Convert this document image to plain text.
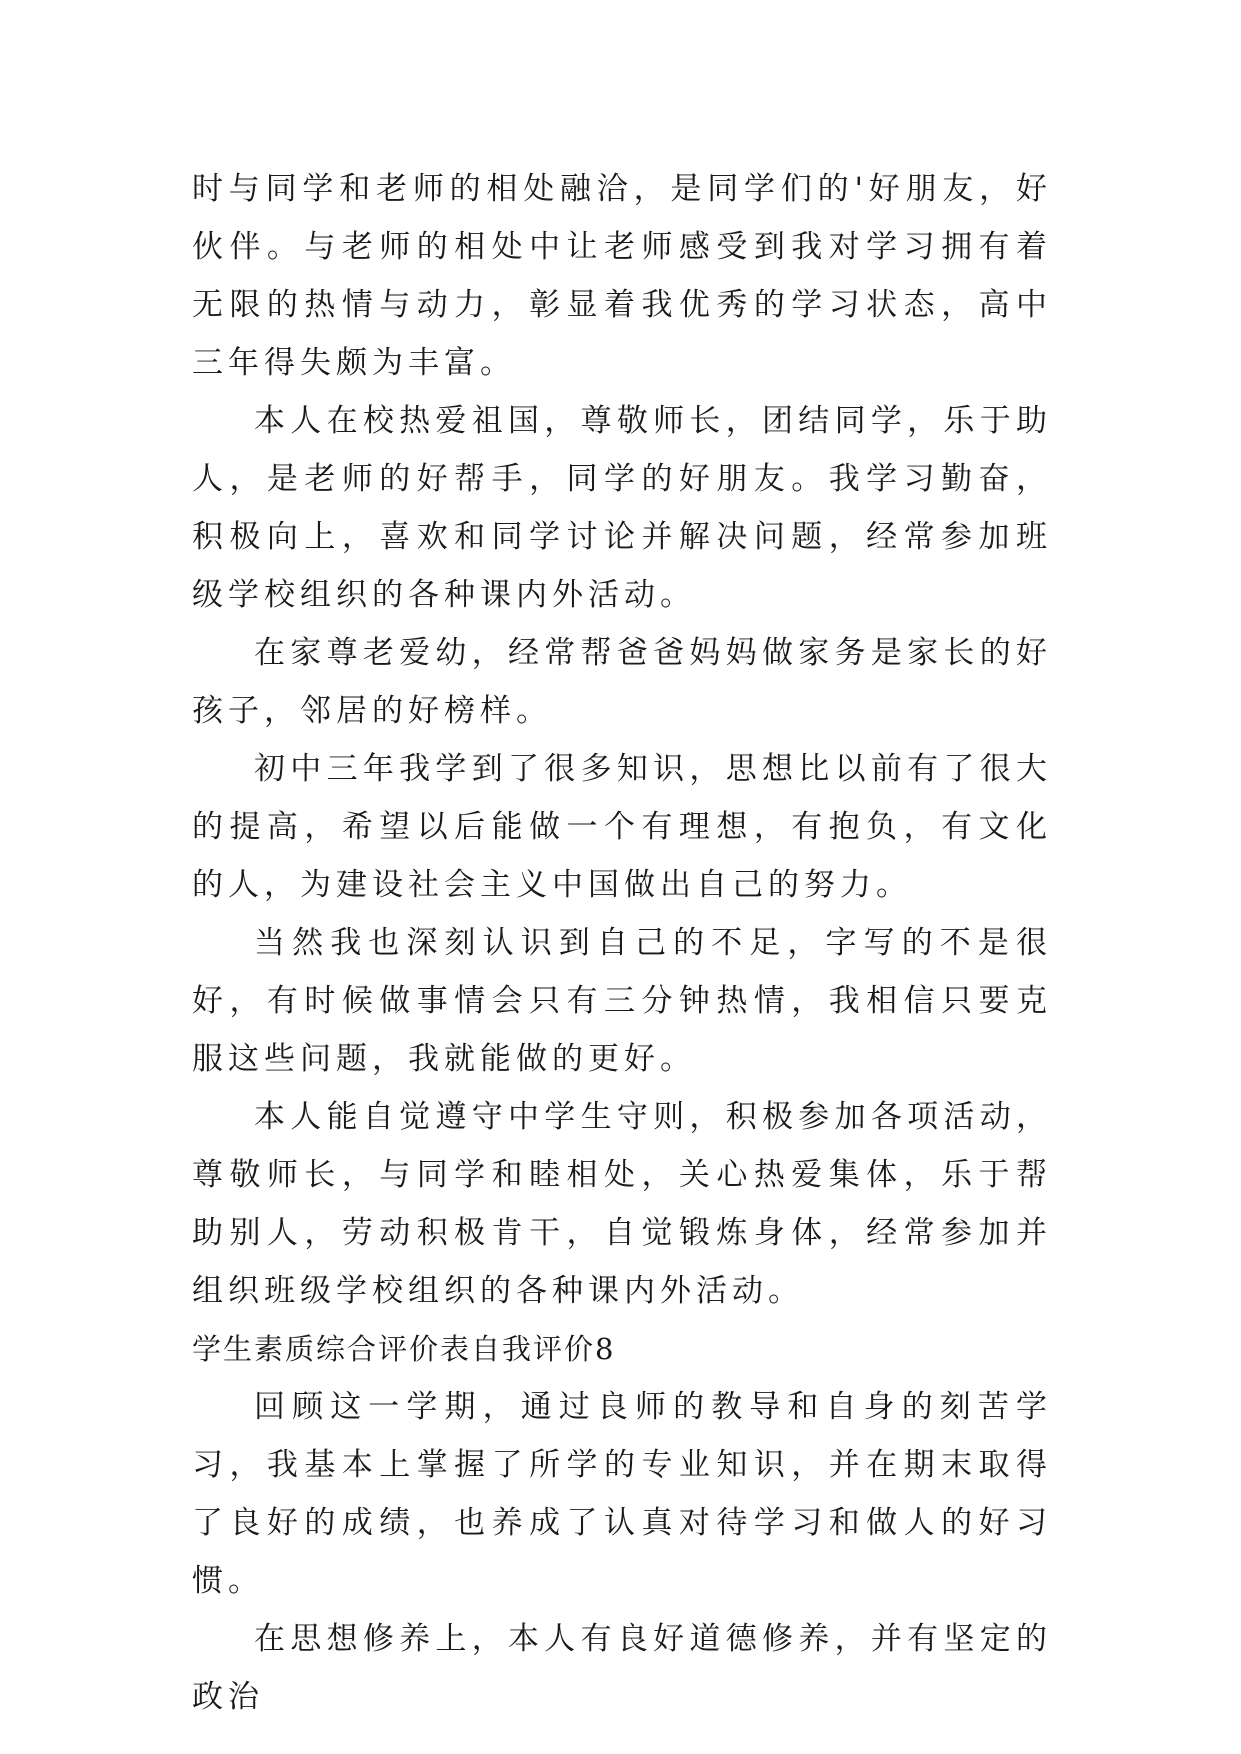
时与同学和老师的相处融洽，是同学们的'好朋友，好伙伴。与老师的相处中让老师感受到我对学习拥有着无限的热情与动力，彰显着我优秀的学习状态，高中三年得失颇为丰富。

本人在校热爱祖国，尊敬师长，团结同学，乐于助人，是老师的好帮手，同学的好朋友。我学习勤奋，积极向上，喜欢和同学讨论并解决问题，经常参加班级学校组织的各种课内外活动。

在家尊老爱幼，经常帮爸爸妈妈做家务是家长的好孩子，邻居的好榜样。

初中三年我学到了很多知识，思想比以前有了很大的提高，希望以后能做一个有理想，有抱负，有文化的人，为建设社会主义中国做出自己的努力。

当然我也深刻认识到自己的不足，字写的不是很好，有时候做事情会只有三分钟热情，我相信只要克服这些问题，我就能做的更好。

本人能自觉遵守中学生守则，积极参加各项活动，尊敬师长，与同学和睦相处，关心热爱集体，乐于帮助别人，劳动积极肯干，自觉锻炼身体，经常参加并组织班级学校组织的各种课内外活动。

学生素质综合评价表自我评价8

回顾这一学期，通过良师的教导和自身的刻苦学习，我基本上掌握了所学的专业知识，并在期末取得了良好的成绩，也养成了认真对待学习和做人的好习惯。

在思想修养上，本人有良好道德修养，并有坚定的政治
